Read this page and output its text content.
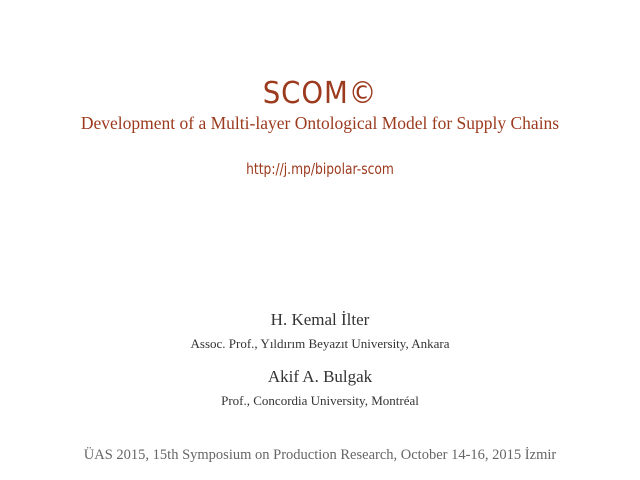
SCOM©
Development of a Multi-layer Ontological Model for Supply Chains
http://j.mp/bipolar-scom
H. Kemal İlter
Assoc. Prof., Yıldırım Beyazıt University, Ankara
Akif A. Bulgak
Prof., Concordia University, Montréal
ÜAS 2015, 15th Symposium on Production Research, October 14-16, 2015 İzmir
